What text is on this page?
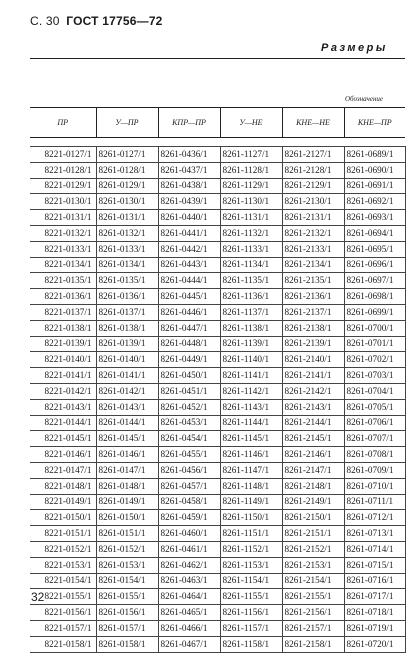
С. 30 ГОСТ 17756—72
Размеры
Обозначение
ПР	У—ПР	КПР—ПР	У—НЕ	КНЕ—НЕ	КНЕ—ПР

8221-0127/1	8261-0127/1	8261-0436/1	8261-1127/1	8261-2127/1	8261-0689/1
8221-0128/1	8261-0128/1	8261-0437/1	8261-1128/1	8261-2128/1	8261-0690/1
8221-0129/1	8261-0129/1	8261-0438/1	8261-1129/1	8261-2129/1	8261-0691/1
8221-0130/1	8261-0130/1	8261-0439/1	8261-1130/1	8261-2130/1	8261-0692/1
8221-0131/1	8261-0131/1	8261-0440/1	8261-1131/1	8261-2131/1	8261-0693/1
8221-0132/1	8261-0132/1	8261-0441/1	8261-1132/1	8261-2132/1	8261-0694/1
8221-0133/1	8261-0133/1	8261-0442/1	8261-1133/1	8261-2133/1	8261-0695/1
8221-0134/1	8261-0134/1	8261-0443/1	8261-1134/1	8261-2134/1	8261-0696/1
8221-0135/1	8261-0135/1	8261-0444/1	8261-1135/1	8261-2135/1	8261-0697/1
8221-0136/1	8261-0136/1	8261-0445/1	8261-1136/1	8261-2136/1	8261-0698/1
8221-0137/1	8261-0137/1	8261-0446/1	8261-1137/1	8261-2137/1	8261-0699/1
8221-0138/1	8261-0138/1	8261-0447/1	8261-1138/1	8261-2138/1	8261-0700/1
8221-0139/1	8261-0139/1	8261-0448/1	8261-1139/1	8261-2139/1	8261-0701/1
8221-0140/1	8261-0140/1	8261-0449/1	8261-1140/1	8261-2140/1	8261-0702/1
8221-0141/1	8261-0141/1	8261-0450/1	8261-1141/1	8261-2141/1	8261-0703/1
8221-0142/1	8261-0142/1	8261-0451/1	8261-1142/1	8261-2142/1	8261-0704/1
8221-0143/1	8261-0143/1	8261-0452/1	8261-1143/1	8261-2143/1	8261-0705/1
8221-0144/1	8261-0144/1	8261-0453/1	8261-1144/1	8261-2144/1	8261-0706/1
8221-0145/1	8261-0145/1	8261-0454/1	8261-1145/1	8261-2145/1	8261-0707/1
8221-0146/1	8261-0146/1	8261-0455/1	8261-1146/1	8261-2146/1	8261-0708/1
8221-0147/1	8261-0147/1	8261-0456/1	8261-1147/1	8261-2147/1	8261-0709/1
8221-0148/1	8261-0148/1	8261-0457/1	8261-1148/1	8261-2148/1	8261-0710/1
8221-0149/1	8261-0149/1	8261-0458/1	8261-1149/1	8261-2149/1	8261-0711/1
8221-0150/1	8261-0150/1	8261-0459/1	8261-1150/1	8261-2150/1	8261-0712/1
8221-0151/1	8261-0151/1	8261-0460/1	8261-1151/1	8261-2151/1	8261-0713/1
8221-0152/1	8261-0152/1	8261-0461/1	8261-1152/1	8261-2152/1	8261-0714/1
8221-0153/1	8261-0153/1	8261-0462/1	8261-1153/1	8261-2153/1	8261-0715/1
8221-0154/1	8261-0154/1	8261-0463/1	8261-1154/1	8261-2154/1	8261-0716/1
8221-0155/1	8261-0155/1	8261-0464/1	8261-1155/1	8261-2155/1	8261-0717/1
8221-0156/1	8261-0156/1	8261-0465/1	8261-1156/1	8261-2156/1	8261-0718/1
8221-0157/1	8261-0157/1	8261-0466/1	8261-1157/1	8261-2157/1	8261-0719/1
8221-0158/1	8261-0158/1	8261-0467/1	8261-1158/1	8261-2158/1	8261-0720/1
32
